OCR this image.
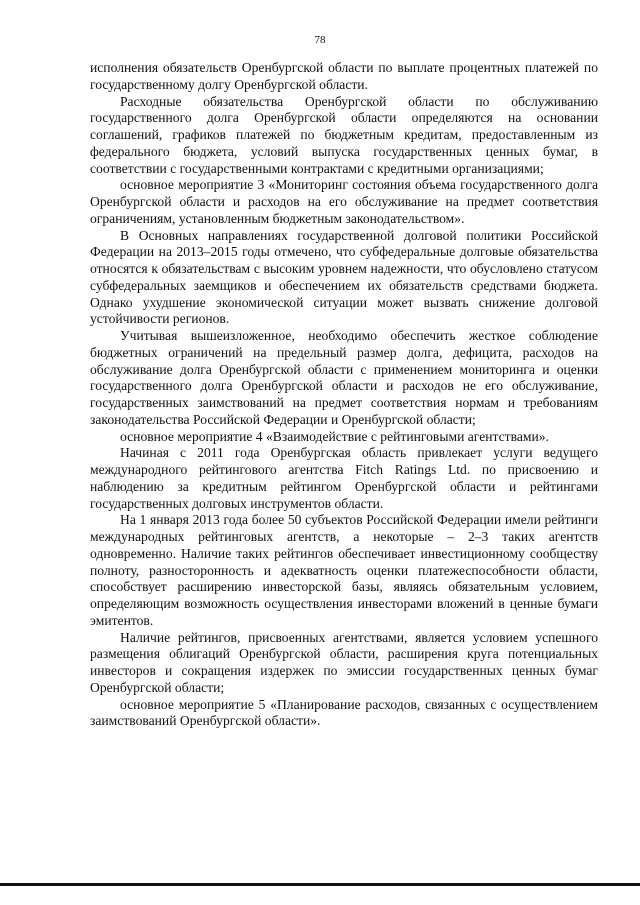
78

исполнения обязательств Оренбургской области по выплате процентных платежей по государственному долгу Оренбургской области.

Расходные обязательства Оренбургской области по обслуживанию государственного долга Оренбургской области определяются на основании соглашений, графиков платежей по бюджетным кредитам, предоставленным из федерального бюджета, условий выпуска государственных ценных бумаг, в соответствии с государственными контрактами с кредитными организациями;

основное мероприятие 3 «Мониторинг состояния объема государственного долга Оренбургской области и расходов на его обслуживание на предмет соответствия ограничениям, установленным бюджетным законодательством».

В Основных направлениях государственной долговой политики Российской Федерации на 2013–2015 годы отмечено, что субфедеральные долговые обязательства относятся к обязательствам с высоким уровнем надежности, что обусловлено статусом субфедеральных заемщиков и обеспечением их обязательств средствами бюджета. Однако ухудшение экономической ситуации может вызвать снижение долговой устойчивости регионов.

Учитывая вышеизложенное, необходимо обеспечить жесткое соблюдение бюджетных ограничений на предельный размер долга, дефицита, расходов на обслуживание долга Оренбургской области с применением мониторинга и оценки государственного долга Оренбургской области и расходов не его обслуживание, государственных заимствований на предмет соответствия нормам и требованиям законодательства Российской Федерации и Оренбургской области;

основное мероприятие 4 «Взаимодействие с рейтинговыми агентствами».

Начиная с 2011 года Оренбургская область привлекает услуги ведущего международного рейтингового агентства Fitch Ratings Ltd. по присвоению и наблюдению за кредитным рейтингом Оренбургской области и рейтингами государственных долговых инструментов области.

На 1 января 2013 года более 50 субъектов Российской Федерации имели рейтинги международных рейтинговых агентств, а некоторые – 2–3 таких агентств одновременно. Наличие таких рейтингов обеспечивает инвестиционному сообществу полноту, разносторонность и адекватность оценки платежеспособности области, способствует расширению инвесторской базы, являясь обязательным условием, определяющим возможность осуществления инвесторами вложений в ценные бумаги эмитентов.

Наличие рейтингов, присвоенных агентствами, является условием успешного размещения облигаций Оренбургской области, расширения круга потенциальных инвесторов и сокращения издержек по эмиссии государственных ценных бумаг Оренбургской области;

основное мероприятие 5 «Планирование расходов, связанных с осуществлением заимствований Оренбургской области».
